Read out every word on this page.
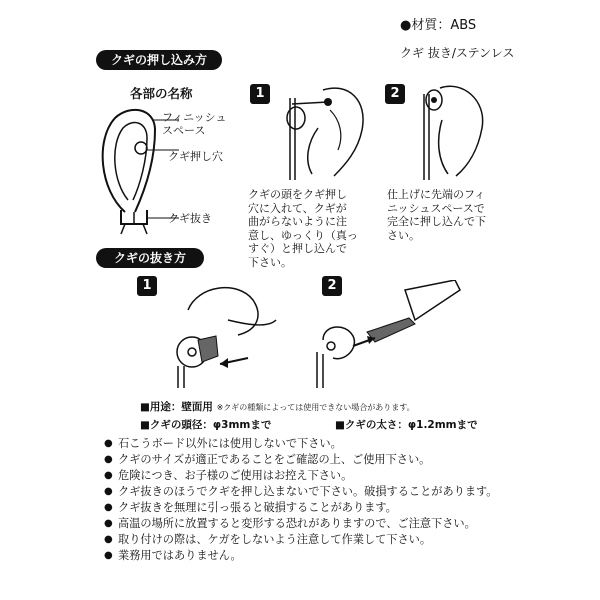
●材質：ABS
クギ 抜き/ステンレス
クギの押し込み方
各部の名称
フィニッシュ
スペース
クギ押し穴
クギ抜き
1
クギの頭をクギ押し
穴に入れて、クギが
曲がらないように注
意し、ゆっくり（真っ
すぐ）と押し込んで
下さい。
2
仕上げに先端のフィ
ニッシュスペースで
完全に押し込んで下
さい。
クギの抜き方
1	2
■用途：壁面用 ※クギの種類によっては使用できない場合があります。
■クギの頭径：φ3mmまで	■クギの太さ：φ1.2mmまで
● 石こうボード以外には使用しないで下さい。
● クギのサイズが適正であることをご確認の上、ご使用下さい。
● 危険につき、お子様のご使用はお控え下さい。
● クギ抜きのほうでクギを押し込まないで下さい。破損することがあります。
● クギ抜きを無理に引っ張ると破損することがあります。
● 高温の場所に放置すると変形する恐れがありますので、ご注意下さい。
● 取り付けの際は、ケガをしないよう注意して作業して下さい。
● 業務用ではありません。
